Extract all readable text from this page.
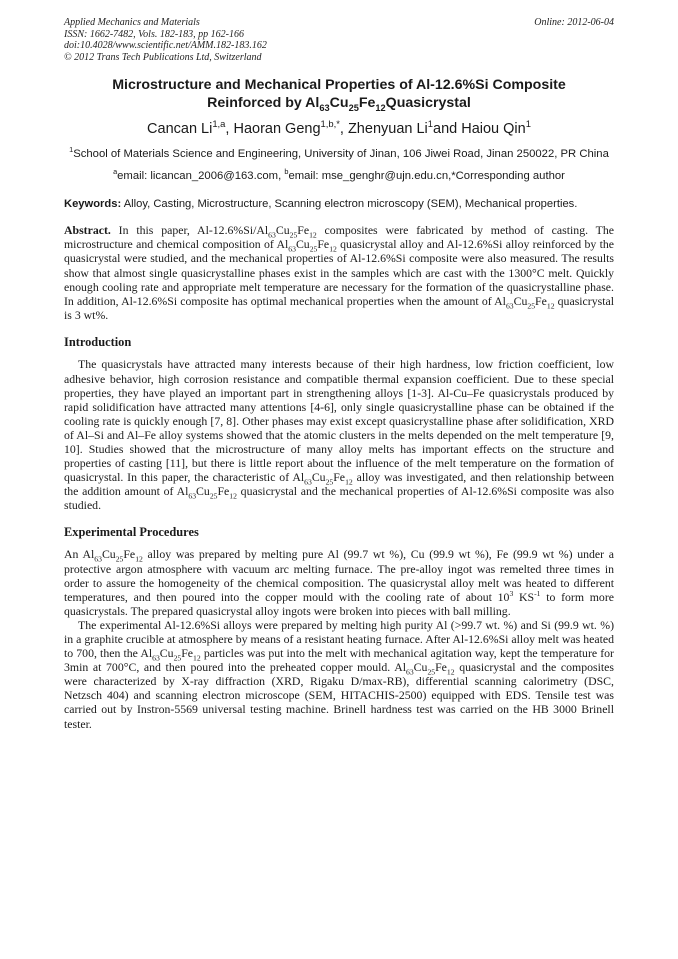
Applied Mechanics and Materials
ISSN: 1662-7482, Vols. 182-183, pp 162-166
doi:10.4028/www.scientific.net/AMM.182-183.162
© 2012 Trans Tech Publications Ltd, Switzerland
Online: 2012-06-04
Microstructure and Mechanical Properties of Al-12.6%Si Composite
Reinforced by $Al_{63}Cu_{25}Fe_{12}Quasicrystal$
Cancan Li$^{1,a}$, Haoran Geng$^{1,b,*}$, Zhenyuan Li$^1$and Haiou Qin$^1$
$^1$School of Materials Science and Engineering, University of Jinan, 106 Jiwei Road, Jinan 250022, PR China
$^a$email: licancan_2006@163.com, $^b$email: mse_genghr@ujn.edu.cn,*Corresponding author
Keywords: Alloy, Casting, Microstructure, Scanning electron microscopy (SEM), Mechanical properties.
Abstract. In this paper, $Al-12.6\%Si/Al_{63}Cu_{25}Fe_{12}$ composites were fabricated by method of casting. The microstructure and chemical composition of $Al_{63}Cu_{25}Fe_{12}$ quasicrystal alloy and Al-12.6%Si alloy reinforced by the quasicrystal were studied, and the mechanical properties of Al-12.6%Si composite were also measured. The results show that almost single quasicrystalline phases exist in the samples which are cast with the 1300°C melt. Quickly enough cooling rate and appropriate melt temperature are necessary for the formation of the quasicrystalline phase. In addition, Al-12.6%Si composite has optimal mechanical properties when the amount of $Al_{63}Cu_{25}Fe_{12}$ quasicrystal is 3 wt%.
Introduction

The quasicrystals have attracted many interests because of their high hardness, low friction coefficient, low adhesive behavior, high corrosion resistance and compatible thermal expansion coefficient. Due to these special properties, they have played an important part in strengthening alloys [1-3]. Al-Cu–Fe quasicrystals produced by rapid solidification have attracted many attentions [4-6], only single quasicrystalline phase can be obtained if the cooling rate is quickly enough [7, 8]. Other phases may exist except quasicrystalline phase after solidification, XRD of Al–Si and Al–Fe alloy systems showed that the atomic clusters in the melts depended on the melt temperature [9, 10]. Studies showed that the microstructure of many alloy melts has important effects on the structure and properties of casting [11], but there is little report about the influence of the melt temperature on the formation of quasicrystal. In this paper, the characteristic of $Al_{63}Cu_{25}Fe_{12}$ alloy was investigated, and then relationship between the addition amount of $Al_{63}Cu_{25}Fe_{12}$ quasicrystal and the mechanical properties of Al-12.6%Si composite was also studied.

Experimental Procedures

An $Al_{63}Cu_{25}Fe_{12}$ alloy was prepared by melting pure Al (99.7 wt %), Cu (99.9 wt %), Fe (99.9 wt %) under a protective argon atmosphere with vacuum arc melting furnace. The pre-alloy ingot was remelted three times in order to assure the homogeneity of the chemical composition. The quasicrystal alloy melt was heated to different temperatures, and then poured into the copper mould with the cooling rate of about $10^3$ $KS^{-1}$ to form more quasicrystals. The prepared quasicrystal alloy ingots were broken into pieces with ball milling.

The experimental Al-12.6%Si alloys were prepared by melting high purity Al (>99.7 wt. %) and Si (99.9 wt. %) in a graphite crucible at atmosphere by means of a resistant heating furnace. After Al-12.6%Si alloy melt was heated to 700, then the $Al_{63}Cu_{25}Fe_{12}$ particles was put into the melt with mechanical agitation way, kept the temperature for 3min at 700°C, and then poured into the preheated copper mould. $Al_{63}Cu_{25}Fe_{12}$ quasicrystal and the composites were characterized by X-ray diffraction (XRD, Rigaku D/max-RB), differential scanning calorimetry (DSC, Netzsch 404) and scanning electron microscope (SEM, HITACHIS-2500) equipped with EDS. Tensile test was carried out by Instron-5569 universal testing machine. Brinell hardness test was carried on the HB 3000 Brinell tester.
